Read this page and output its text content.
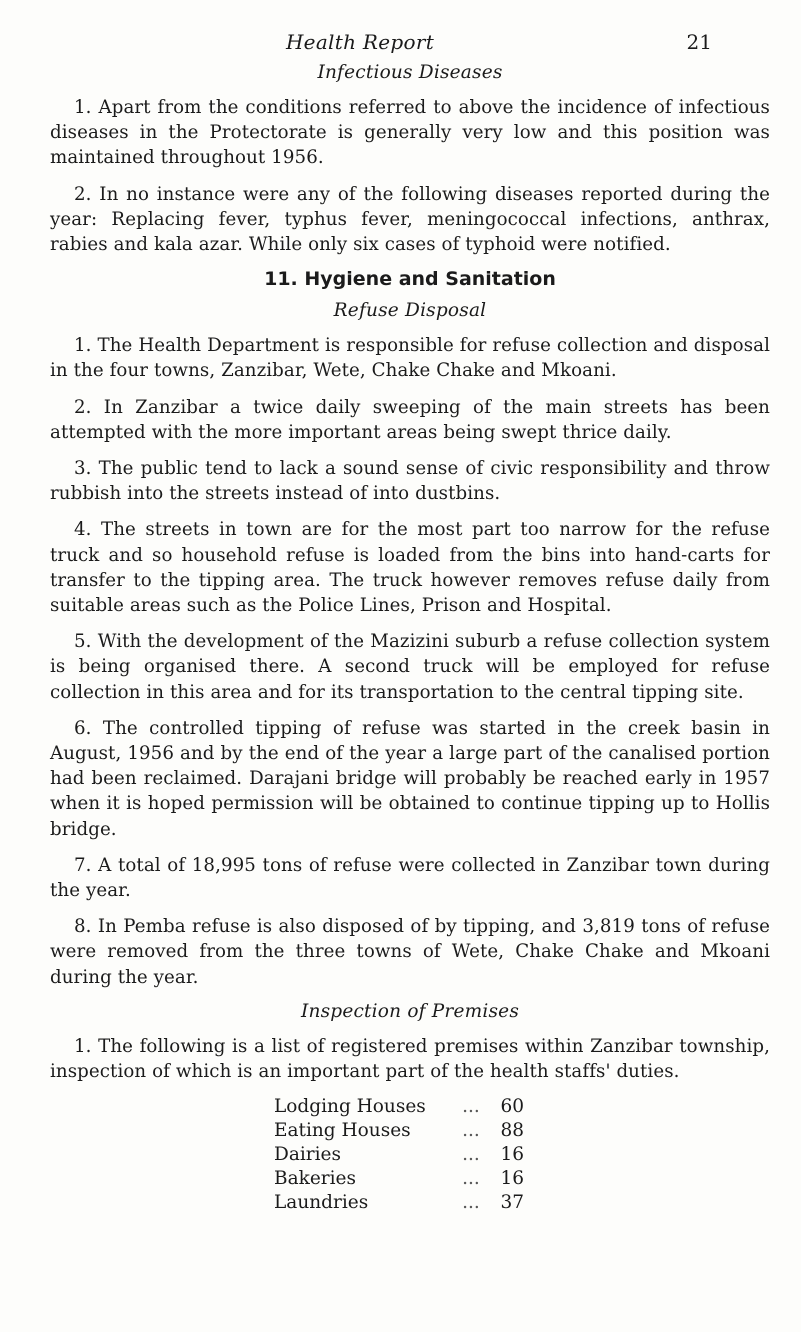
Health Report	21
Infectious Diseases

1. Apart from the conditions referred to above the incidence of infectious diseases in the Protectorate is generally very low and this position was maintained throughout 1956.

2. In no instance were any of the following diseases reported during the year: Replacing fever, typhus fever, meningococcal infections, anthrax, rabies and kala azar. While only six cases of typhoid were notified.

11. Hygiene and Sanitation
Refuse Disposal

1. The Health Department is responsible for refuse collection and disposal in the four towns, Zanzibar, Wete, Chake Chake and Mkoani.

2. In Zanzibar a twice daily sweeping of the main streets has been attempted with the more important areas being swept thrice daily.

3. The public tend to lack a sound sense of civic responsibility and throw rubbish into the streets instead of into dustbins.

4. The streets in town are for the most part too narrow for the refuse truck and so household refuse is loaded from the bins into hand-carts for transfer to the tipping area. The truck however removes refuse daily from suitable areas such as the Police Lines, Prison and Hospital.

5. With the development of the Mazizini suburb a refuse collection system is being organised there. A second truck will be employed for refuse collection in this area and for its transportation to the central tipping site.

6. The controlled tipping of refuse was started in the creek basin in August, 1956 and by the end of the year a large part of the canalised portion had been reclaimed. Darajani bridge will probably be reached early in 1957 when it is hoped permission will be obtained to continue tipping up to Hollis bridge.

7. A total of 18,995 tons of refuse were collected in Zanzibar town during the year.

8. In Pemba refuse is also disposed of by tipping, and 3,819 tons of refuse were removed from the three towns of Wete, Chake Chake and Mkoani during the year.

Inspection of Premises

1. The following is a list of registered premises within Zanzibar township, inspection of which is an important part of the health staffs' duties.

Lodging Houses	...	60
Eating Houses	...	88
Dairies	...	16
Bakeries	...	16
Laundries	...	37
